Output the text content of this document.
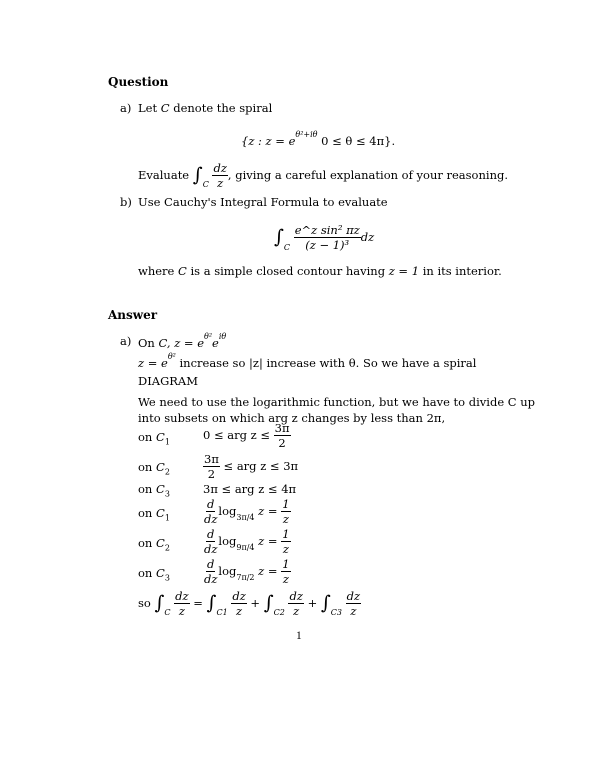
Question
a) Let C denote the spiral
{z : $z = e^{\theta^2+i\theta}$ 0 ≤ θ ≤ 4π}.
Evaluate $\int_C \frac{dz}{z}$ , giving a careful explanation of your reasoning.
b) Use Cauchy's Integral Formula to evaluate
$\int_C \frac{\text{e\textasciicircum{}z sin² πz}}{\text{(z − 1)³}}$ dz
where C is a simple closed contour having z = 1 in its interior.
Answer
a) On C, $z = e^{\theta^2}e^{i\theta}$
$z = e^{\theta^2}$ increase so |z| increase with θ. So we have a spiral
DIAGRAM
We need to use the logarithmic function, but we have to divide C up
into subsets on which arg z changes by less than 2π,
on $C_1$	0 ≤ arg $z \le \frac{3\pi}{2}$
on $C_2$	$\frac{3\pi}{2}$ ≤ arg z ≤ 3π
on $C_3$	3π ≤ arg z ≤ 4π
on $C_1$	$\frac{d}{dz} \log_{3\pi/4} z = \frac{1}{z}$
on $C_2$	$\frac{d}{dz} \log_{9\pi/4} z = \frac{1}{z}$
on $C_3$	$\frac{d}{dz} \log_{7\pi/2} z = \frac{1}{z}$
so $\int_C \frac{dz}{z} = \int_{C1} \frac{dz}{z} + \int_{C2} \frac{dz}{z} + \int_{C3} \frac{dz}{z}$
1
